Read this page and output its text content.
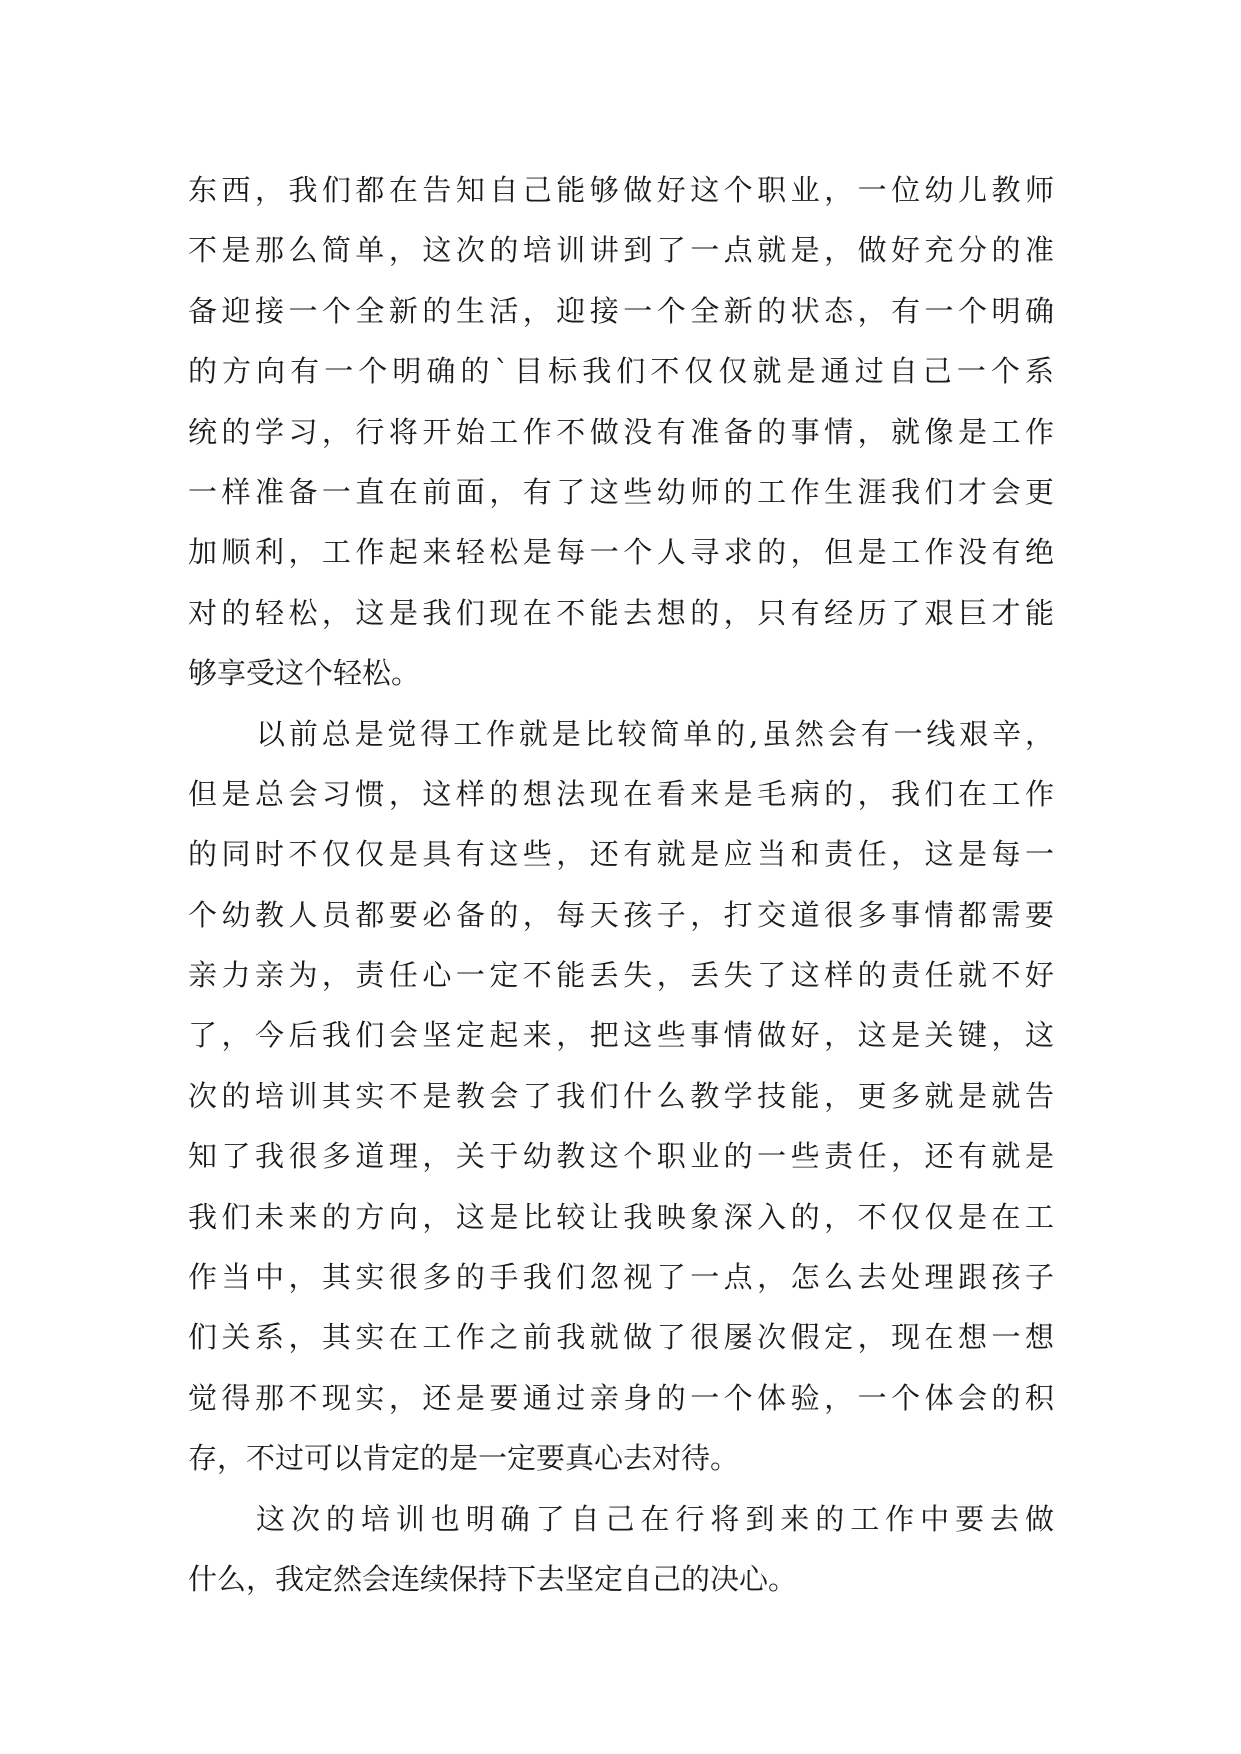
东西，我们都在告知自己能够做好这个职业，一位幼儿教师
不是那么简单，这次的培训讲到了一点就是，做好充分的准
备迎接一个全新的生活，迎接一个全新的状态，有一个明确
的方向有一个明确的`目标我们不仅仅就是通过自己一个系
统的学习，行将开始工作不做没有准备的事情，就像是工作
一样准备一直在前面，有了这些幼师的工作生涯我们才会更
加顺利，工作起来轻松是每一个人寻求的，但是工作没有绝
对的轻松，这是我们现在不能去想的，只有经历了艰巨才能
够享受这个轻松。
以前总是觉得工作就是比较简单的,虽然会有一线艰辛，
但是总会习惯，这样的想法现在看来是毛病的，我们在工作
的同时不仅仅是具有这些，还有就是应当和责任，这是每一
个幼教人员都要必备的，每天孩子，打交道很多事情都需要
亲力亲为，责任心一定不能丢失，丢失了这样的责任就不好
了，今后我们会坚定起来，把这些事情做好，这是关键，这
次的培训其实不是教会了我们什么教学技能，更多就是就告
知了我很多道理，关于幼教这个职业的一些责任，还有就是
我们未来的方向，这是比较让我映象深入的，不仅仅是在工
作当中，其实很多的手我们忽视了一点，怎么去处理跟孩子
们关系，其实在工作之前我就做了很屡次假定，现在想一想
觉得那不现实，还是要通过亲身的一个体验，一个体会的积
存，不过可以肯定的是一定要真心去对待。
这次的培训也明确了自己在行将到来的工作中要去做
什么，我定然会连续保持下去坚定自己的决心。
